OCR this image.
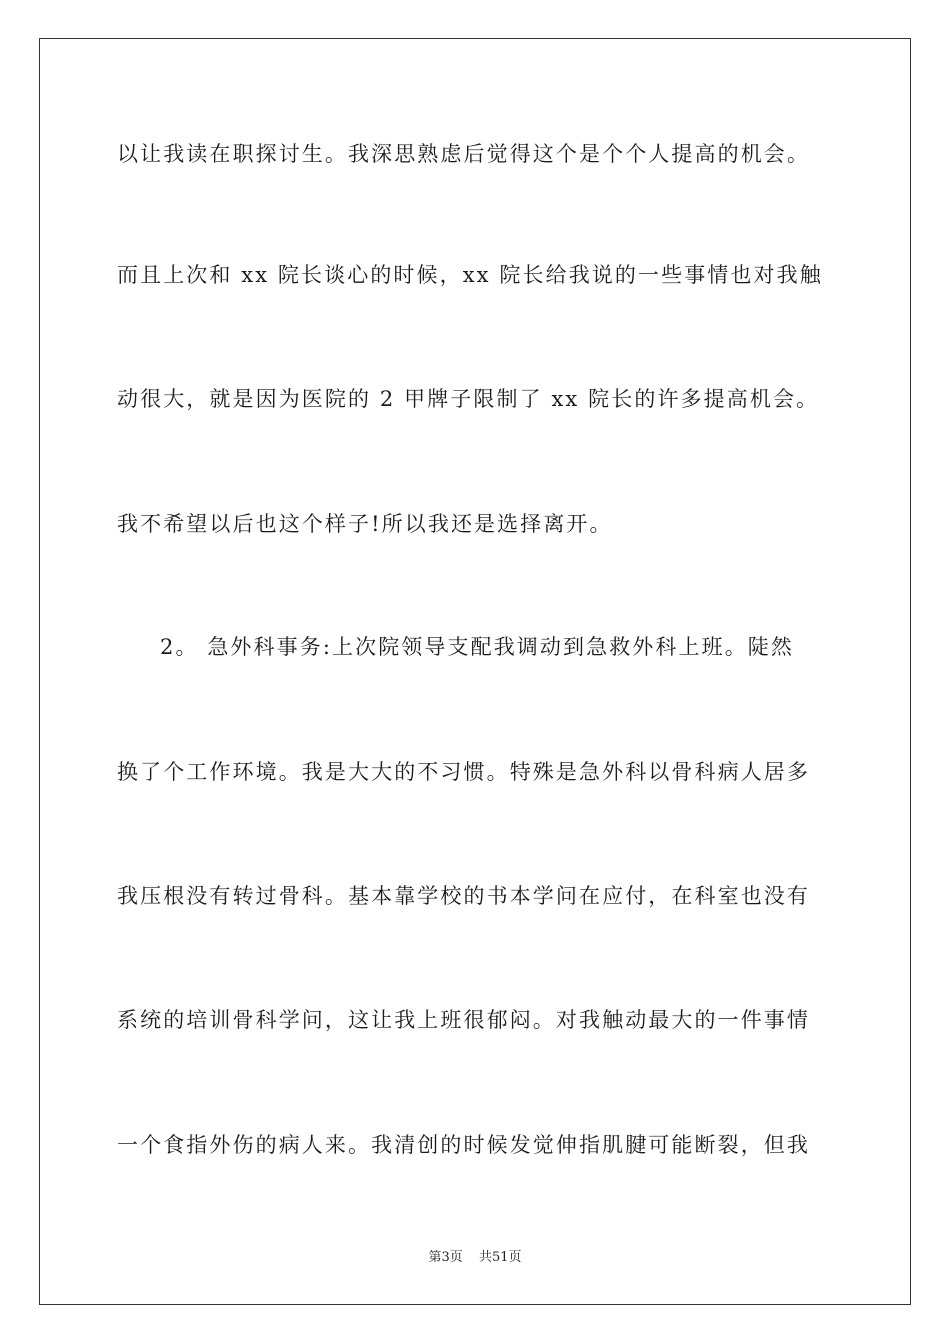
以让我读在职探讨生。我深思熟虑后觉得这个是个个人提高的机会。
而且上次和 xx 院长谈心的时候，xx 院长给我说的一些事情也对我触
动很大，就是因为医院的 2 甲牌子限制了 xx 院长的许多提高机会。
我不希望以后也这个样子!所以我还是选择离开。
2。 急外科事务:上次院领导支配我调动到急救外科上班。陡然
换了个工作环境。我是大大的不习惯。特殊是急外科以骨科病人居多
我压根没有转过骨科。基本靠学校的书本学问在应付，在科室也没有
系统的培训骨科学问，这让我上班很郁闷。对我触动最大的一件事情
一个食指外伤的病人来。我清创的时候发觉伸指肌腱可能断裂，但我
第3页 共51页
